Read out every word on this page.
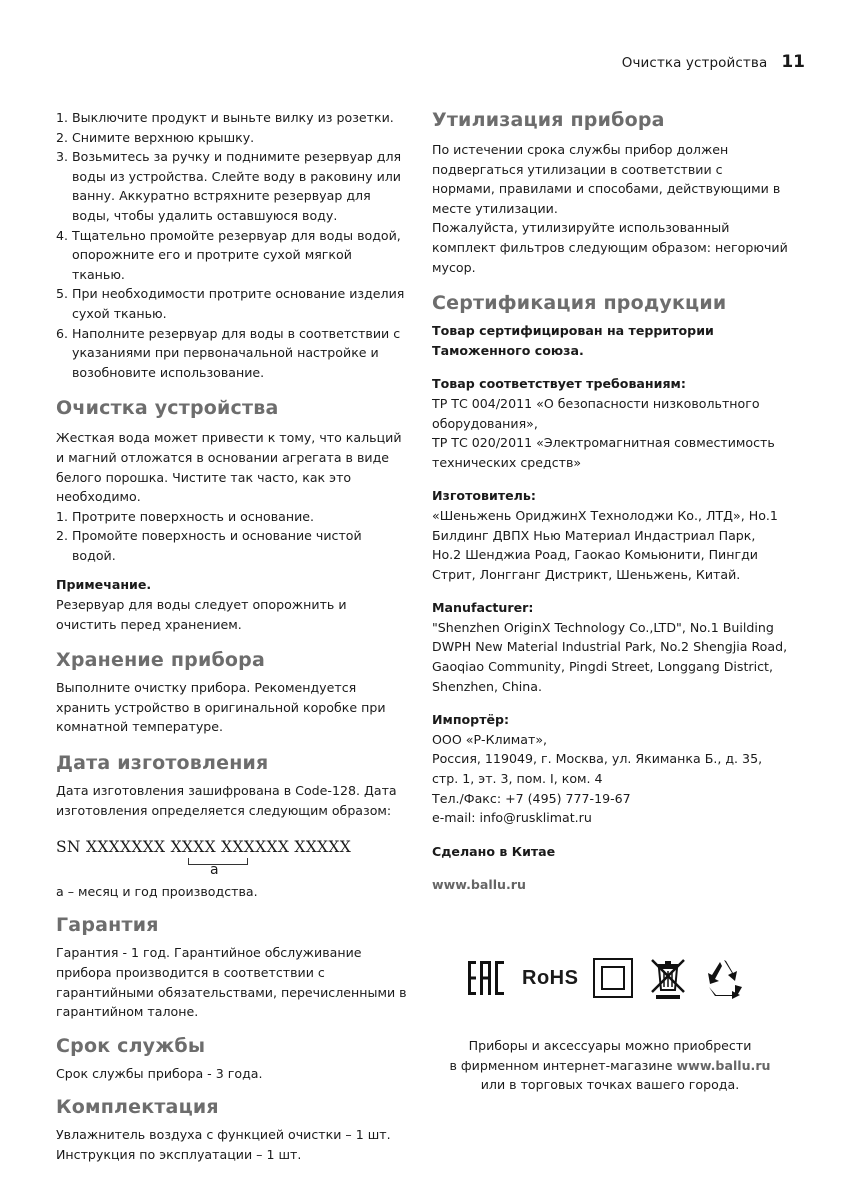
Очистка устройства 11
1. Выключите продукт и выньте вилку из розетки.
2. Снимите верхнюю крышку.
3. Возьмитесь за ручку и поднимите резервуар для воды из устройства. Слейте воду в раковину или ванну. Аккуратно встряхните резервуар для воды, чтобы удалить оставшуюся воду.
4. Тщательно промойте резервуар для воды водой, опорожните его и протрите сухой мягкой тканью.
5. При необходимости протрите основание изделия сухой тканью.
6. Наполните резервуар для воды в соответствии с указаниями при первоначальной настройке и возобновите использование.
Очистка устройства

Жесткая вода может привести к тому, что кальций и магний отложатся в основании агрегата в виде белого порошка. Чистите так часто, как это необходимо.

1. Протрите поверхность и основание.
2. Промойте поверхность и основание чистой водой.

Примечание.

Резервуар для воды следует опорожнить и очистить перед хранением.

Хранение прибора

Выполните очистку прибора. Рекомендуется хранить устройство в оригинальной коробке при комнатной температуре.

Дата изготовления

Дата изготовления зашифрована в Code-128. Дата изготовления определяется следующим образом:

SN XXXXXXX XXXX XXXXXX XXXXX
a

а – месяц и год производства.

Гарантия

Гарантия - 1 год. Гарантийное обслуживание прибора производится в соответствии с гарантийными обязательствами, перечисленными в гарантийном талоне.

Срок службы

Срок службы прибора - 3 года.

Комплектация

Увлажнитель воздуха с функцией очистки – 1 шт.

Инструкция по эксплуатации – 1 шт.

Утилизация прибора

По истечении срока службы прибор должен подвергаться утилизации в соответствии с нормами, правилами и способами, действующими в месте утилизации.

Пожалуйста, утилизируйте использованный комплект фильтров следующим образом: негорючий мусор.

Сертификация продукции

Товар сертифицирован на территории Таможенного союза.

Товар соответствует требованиям:

ТР ТС 004/2011 «О безопасности низковольтного оборудования»,

ТР ТС 020/2011 «Электромагнитная совместимость технических средств»

Изготовитель:

«Шеньжень ОриджинХ Технолоджи Ко., ЛТД», Но.1 Билдинг ДВПХ Нью Материал Индастриал Парк, Но.2 Шенджиа Роад, Гаокао Комьюнити, Пингди Стрит, Лонгганг Дистрикт, Шеньжень, Китай.

Manufacturer:

"Shenzhen OriginX Technology Co.,LTD", No.1 Building DWPH New Material Industrial Park, No.2 Shengjia Road, Gaoqiao Community, Pingdi Street, Longgang District, Shenzhen, China.

Импортёр:

ООО «Р-Климат»,

Россия, 119049, г. Москва, ул. Якиманка Б., д. 35, стр. 1, эт. 3, пом. I, ком. 4

Тел./Факс: +7 (495) 777-19-67

e-mail: info@rusklimat.ru

Сделано в Китае

www.ballu.ru

RoHS
Приборы и аксессуары можно приобрести
в фирменном интернет-магазине www.ballu.ru
или в торговых точках вашего города.
